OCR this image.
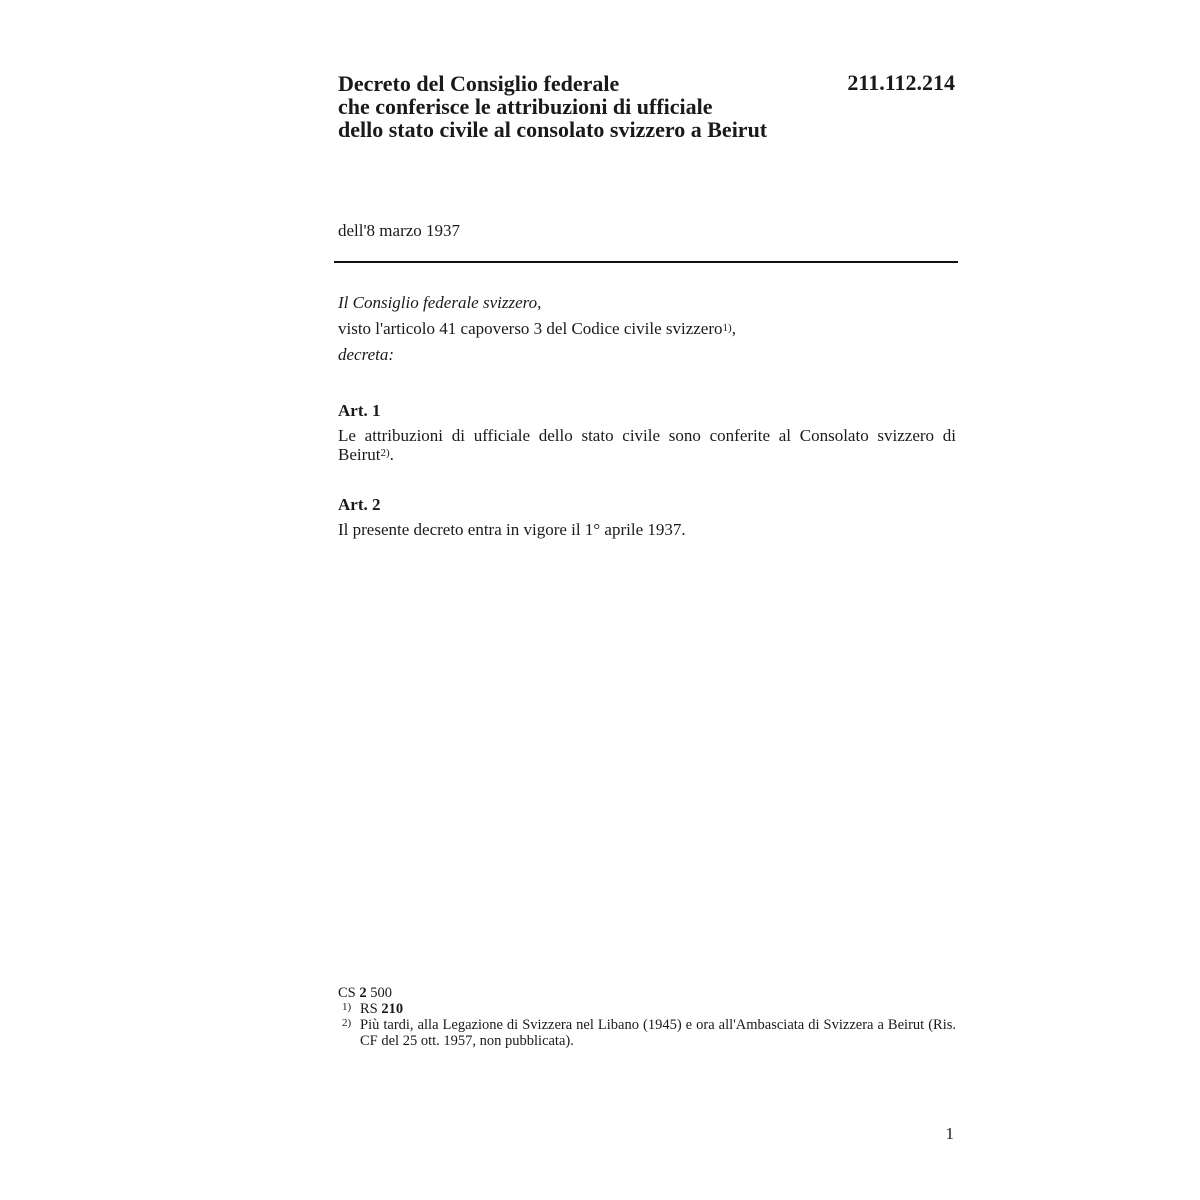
Decreto del Consiglio federale
che conferisce le attribuzioni di ufficiale
dello stato civile al consolato svizzero a Beirut
211.112.214
dell'8 marzo 1937
Il Consiglio federale svizzero,
visto l'articolo 41 capoverso 3 del Codice civile svizzero$^{1)}$,
decreta:
Art. 1
Le attribuzioni di ufficiale dello stato civile sono conferite al Consolato svizzero di Beirut$^{2)}$.
Art. 2
Il presente decreto entra in vigore il 1° aprile 1937.
CS 2 500
1) RS 210
2) Più tardi, alla Legazione di Svizzera nel Libano (1945) e ora all'Ambasciata di Svizzera a Beirut (Ris. CF del 25 ott. 1957, non pubblicata).
1
